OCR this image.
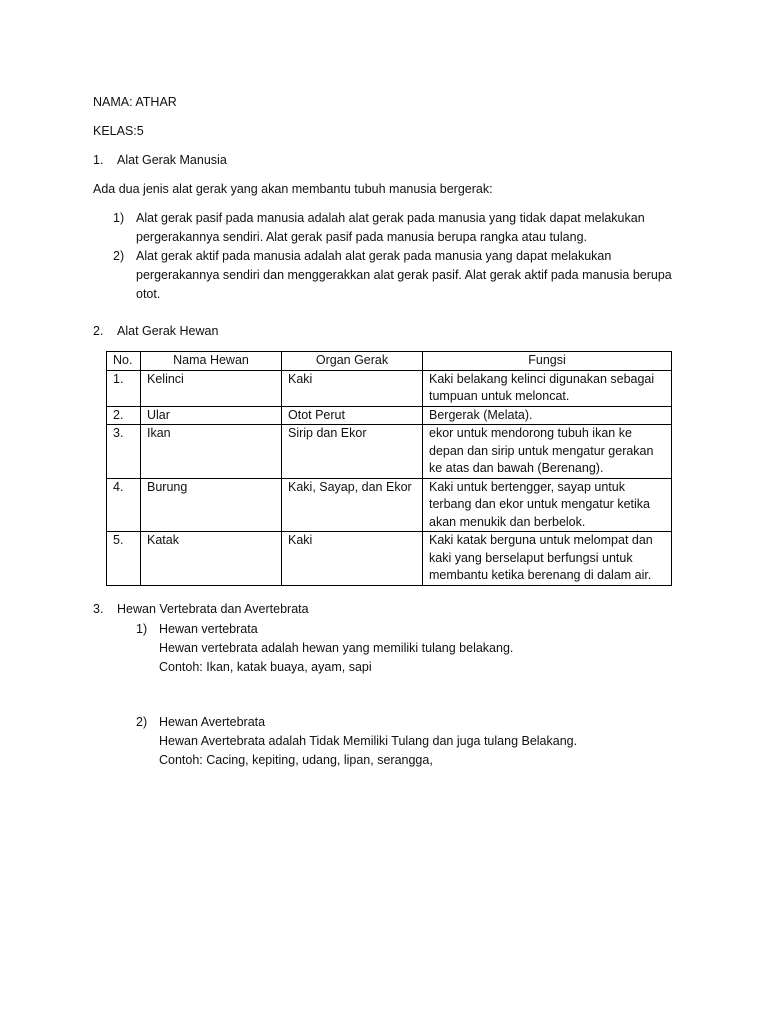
NAMA: ATHAR
KELAS:5
1. Alat Gerak Manusia
Ada dua jenis alat gerak yang akan membantu tubuh manusia bergerak:
1) Alat gerak pasif pada manusia adalah alat gerak pada manusia yang tidak dapat melakukan
pergerakannya sendiri. Alat gerak pasif pada manusia berupa rangka atau tulang.
2) Alat gerak aktif pada manusia adalah alat gerak pada manusia yang dapat melakukan
pergerakannya sendiri dan menggerakkan alat gerak pasif. Alat gerak aktif pada manusia berupa
otot.
2. Alat Gerak Hewan
No.	Nama Hewan	Organ Gerak	Fungsi
1.	Kelinci	Kaki	Kaki belakang kelinci digunakan sebagai
tumpuan untuk meloncat.

2.	Ular	Otot Perut	Bergerak (Melata).

3.	Ikan	Sirip dan Ekor	ekor untuk mendorong tubuh ikan ke
depan dan sirip untuk mengatur gerakan
ke atas dan bawah (Berenang).

4.	Burung	Kaki, Sayap, dan Ekor	Kaki untuk bertengger, sayap untuk
terbang dan ekor untuk mengatur ketika
akan menukik dan berbelok.

5.	Katak	Kaki	Kaki katak berguna untuk melompat dan
kaki yang berselaput berfungsi untuk
membantu ketika berenang di dalam air.
3. Hewan Vertebrata dan Avertebrata
1) Hewan vertebrata
Hewan vertebrata adalah hewan yang memiliki tulang belakang.
Contoh: Ikan, katak buaya, ayam, sapi
2) Hewan Avertebrata
Hewan Avertebrata adalah Tidak Memiliki Tulang dan juga tulang Belakang.
Contoh: Cacing, kepiting, udang, lipan, serangga,
